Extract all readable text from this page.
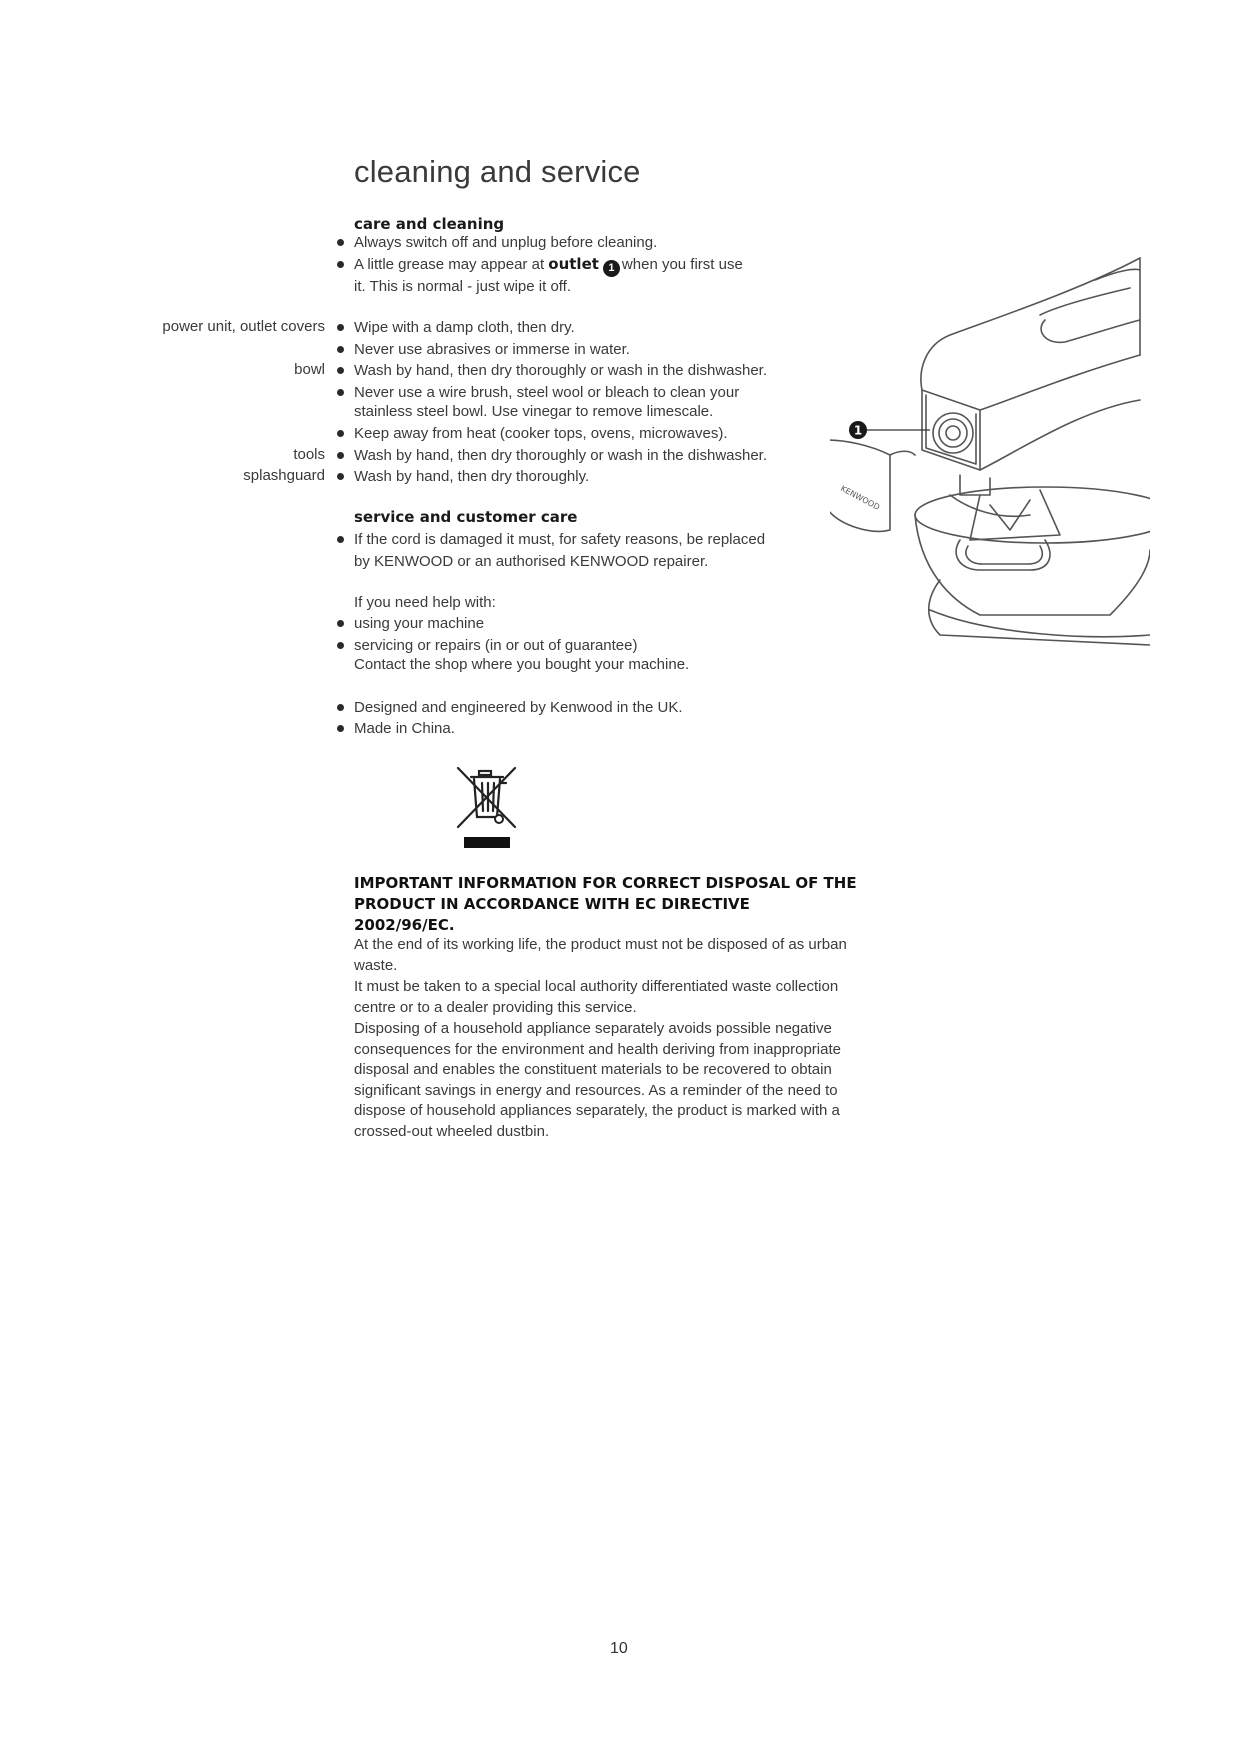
cleaning and service
care and cleaning
Always switch off and unplug before cleaning.
A little grease may appear at outlet 1 when you first use
it. This is normal - just wipe it off.
power unit, outlet covers Wipe with a damp cloth, then dry.
Never use abrasives or immerse in water.
bowl Wash by hand, then dry thoroughly or wash in the dishwasher.
Never use a wire brush, steel wool or bleach to clean your
stainless steel bowl. Use vinegar to remove limescale.
Keep away from heat (cooker tops, ovens, microwaves).
tools Wash by hand, then dry thoroughly or wash in the dishwasher.
splashguard Wash by hand, then dry thoroughly.
service and customer care
If the cord is damaged it must, for safety reasons, be replaced
by KENWOOD or an authorised KENWOOD repairer.
If you need help with:
using your machine
servicing or repairs (in or out of guarantee)
Contact the shop where you bought your machine.
Designed and engineered by Kenwood in the UK.
Made in China.
IMPORTANT INFORMATION FOR CORRECT DISPOSAL OF THE
PRODUCT IN ACCORDANCE WITH EC DIRECTIVE
2002/96/EC.
At the end of its working life, the product must not be disposed of as urban waste.
It must be taken to a special local authority differentiated waste collection centre or to a dealer providing this service.
Disposing of a household appliance separately avoids possible negative consequences for the environment and health deriving from inappropriate disposal and enables the constituent materials to be recovered to obtain significant savings in energy and resources. As a reminder of the need to dispose of household appliances separately, the product is marked with a crossed-out wheeled dustbin.
KENWOOD
1
10
